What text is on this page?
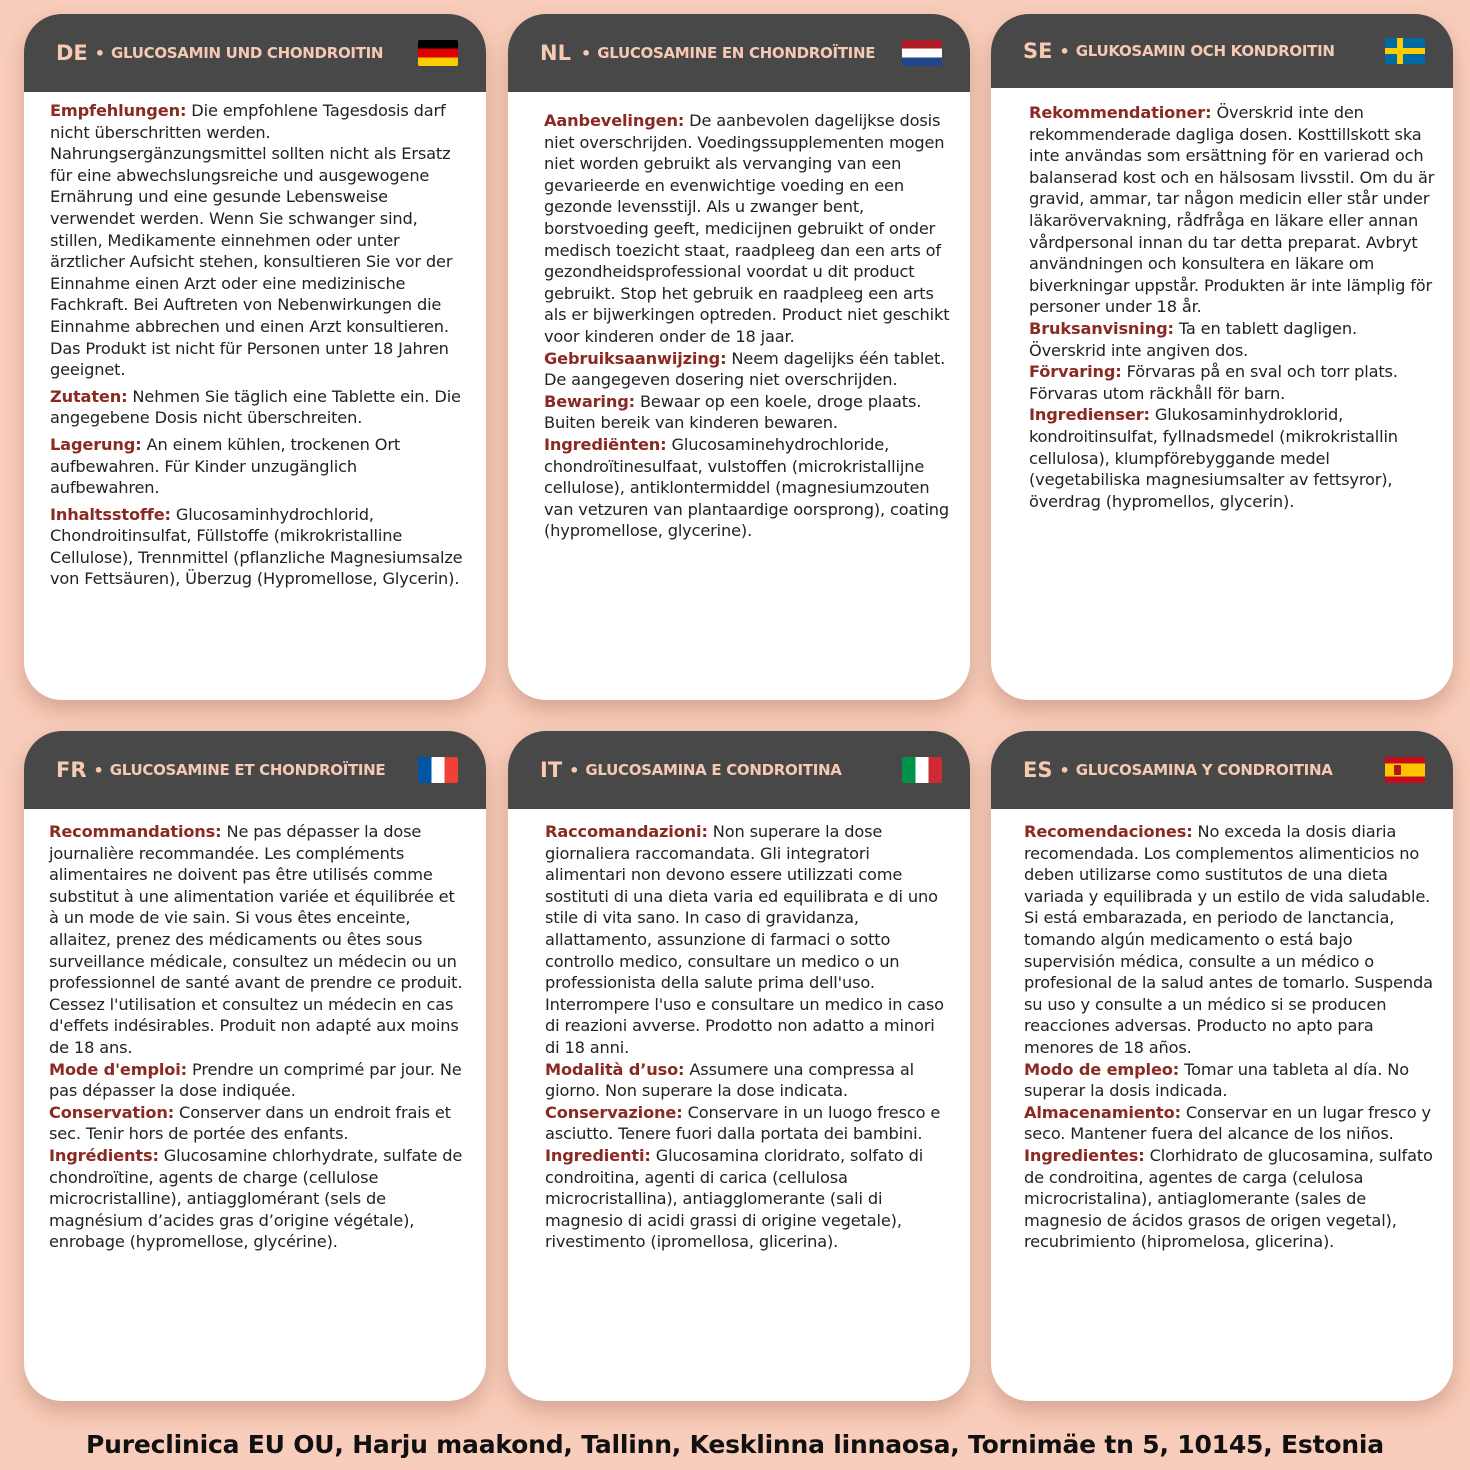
DE • GLUCOSAMIN UND CHONDROITIN

Empfehlungen: Die empfohlene Tagesdosis darf nicht überschritten werden. Nahrungsergänzungsmittel sollten nicht als Ersatz für eine abwechslungsreiche und ausgewogene Ernährung und eine gesunde Lebensweise verwendet werden. Wenn Sie schwanger sind, stillen, Medikamente einnehmen oder unter ärztlicher Aufsicht stehen, konsultieren Sie vor der Einnahme einen Arzt oder eine medizinische Fachkraft. Bei Auftreten von Nebenwirkungen die Einnahme abbrechen und einen Arzt konsultieren. Das Produkt ist nicht für Personen unter 18 Jahren geeignet.

Zutaten: Nehmen Sie täglich eine Tablette ein. Die angegebene Dosis nicht überschreiten.

Lagerung: An einem kühlen, trockenen Ort aufbewahren. Für Kinder unzugänglich aufbewahren.

Inhaltsstoffe: Glucosaminhydrochlorid, Chondroitinsulfat, Füllstoffe (mikrokristalline Cellulose), Trennmittel (pflanzliche Magnesiumsalze von Fettsäuren), Überzug (Hypromellose, Glycerin).

NL • GLUCOSAMINE EN CHONDROÏTINE

Aanbevelingen: De aanbevolen dagelijkse dosis niet overschrijden. Voedingssupplementen mogen niet worden gebruikt als vervanging van een gevarieerde en evenwichtige voeding en een gezonde levensstijl. Als u zwanger bent, borstvoeding geeft, medicijnen gebruikt of onder medisch toezicht staat, raadpleeg dan een arts of gezondheidsprofessional voordat u dit product gebruikt. Stop het gebruik en raadpleeg een arts als er bijwerkingen optreden. Product niet geschikt voor kinderen onder de 18 jaar.

Gebruiksaanwijzing: Neem dagelijks één tablet. De aangegeven dosering niet overschrijden.

Bewaring: Bewaar op een koele, droge plaats. Buiten bereik van kinderen bewaren.

Ingrediënten: Glucosaminehydrochloride, chondroïtinesulfaat, vulstoffen (microkristallijne cellulose), antiklontermiddel (magnesiumzouten van vetzuren van plantaardige oorsprong), coating (hypromellose, glycerine).

SE • GLUKOSAMIN OCH KONDROITIN

Rekommendationer: Överskrid inte den rekommenderade dagliga dosen. Kosttillskott ska inte användas som ersättning för en varierad och balanserad kost och en hälsosam livsstil. Om du är gravid, ammar, tar någon medicin eller står under läkarövervakning, rådfråga en läkare eller annan vårdpersonal innan du tar detta preparat. Avbryt användningen och konsultera en läkare om biverkningar uppstår. Produkten är inte lämplig för personer under 18 år.

Bruksanvisning: Ta en tablett dagligen. Överskrid inte angiven dos.

Förvaring: Förvaras på en sval och torr plats. Förvaras utom räckhåll för barn.

Ingredienser: Glukosaminhydroklorid, kondroitinsulfat, fyllnadsmedel (mikrokristallin cellulosa), klumpförebyggande medel (vegetabiliska magnesiumsalter av fettsyror), överdrag (hypromellos, glycerin).

FR • GLUCOSAMINE ET CHONDROÏTINE

Recommandations: Ne pas dépasser la dose journalière recommandée. Les compléments alimentaires ne doivent pas être utilisés comme substitut à une alimentation variée et équilibrée et à un mode de vie sain. Si vous êtes enceinte, allaitez, prenez des médicaments ou êtes sous surveillance médicale, consultez un médecin ou un professionnel de santé avant de prendre ce produit. Cessez l'utilisation et consultez un médecin en cas d'effets indésirables. Produit non adapté aux moins de 18 ans.

Mode d'emploi: Prendre un comprimé par jour. Ne pas dépasser la dose indiquée.

Conservation: Conserver dans un endroit frais et sec. Tenir hors de portée des enfants.

Ingrédients: Glucosamine chlorhydrate, sulfate de chondroïtine, agents de charge (cellulose microcristalline), antiagglomérant (sels de magnésium d’acides gras d’origine végétale), enrobage (hypromellose, glycérine).

IT • GLUCOSAMINA E CONDROITINA

Raccomandazioni: Non superare la dose giornaliera raccomandata. Gli integratori alimentari non devono essere utilizzati come sostituti di una dieta varia ed equilibrata e di uno stile di vita sano. In caso di gravidanza, allattamento, assunzione di farmaci o sotto controllo medico, consultare un medico o un professionista della salute prima dell'uso. Interrompere l'uso e consultare un medico in caso di reazioni avverse. Prodotto non adatto a minori di 18 anni.

Modalità d’uso: Assumere una compressa al giorno. Non superare la dose indicata.

Conservazione: Conservare in un luogo fresco e asciutto. Tenere fuori dalla portata dei bambini.

Ingredienti: Glucosamina cloridrato, solfato di condroitina, agenti di carica (cellulosa microcristallina), antiagglomerante (sali di magnesio di acidi grassi di origine vegetale), rivestimento (ipromellosa, glicerina).

ES • GLUCOSAMINA Y CONDROITINA

Recomendaciones: No exceda la dosis diaria recomendada. Los complementos alimenticios no deben utilizarse como sustitutos de una dieta variada y equilibrada y un estilo de vida saludable. Si está embarazada, en periodo de lanctancia, tomando algún medicamento o está bajo supervisión médica, consulte a un médico o profesional de la salud antes de tomarlo. Suspenda su uso y consulte a un médico si se producen reacciones adversas. Producto no apto para menores de 18 años.

Modo de empleo: Tomar una tableta al día. No superar la dosis indicada.

Almacenamiento: Conservar en un lugar fresco y seco. Mantener fuera del alcance de los niños.

Ingredientes: Clorhidrato de glucosamina, sulfato de condroitina, agentes de carga (celulosa microcristalina), antiaglomerante (sales de magnesio de ácidos grasos de origen vegetal), recubrimiento (hipromelosa, glicerina).

Pureclinica EU OU, Harju maakond, Tallinn, Kesklinna linnaosa, Tornimäe tn 5, 10145, Estonia
